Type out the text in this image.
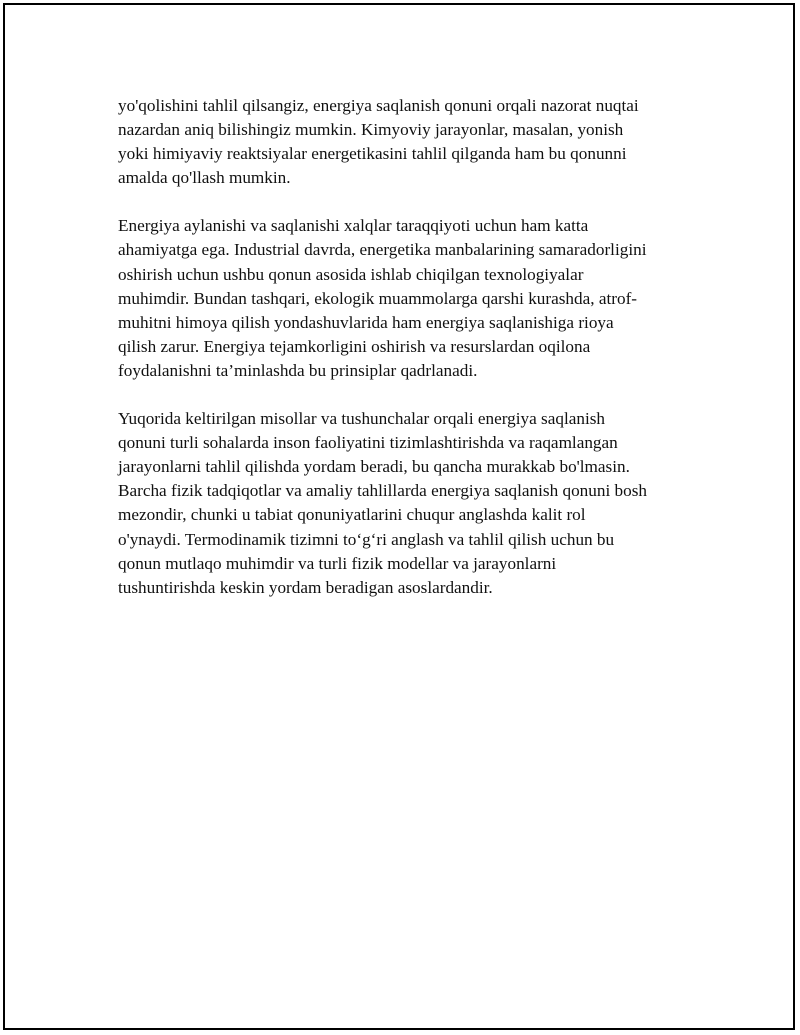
yo'qolishini tahlil qilsangiz, energiya saqlanish qonuni orqali nazorat nuqtai
nazardan aniq bilishingiz mumkin. Kimyoviy jarayonlar, masalan, yonish
yoki himiyaviy reaktsiyalar energetikasini tahlil qilganda ham bu qonunni
amalda qo'llash mumkin.

Energiya aylanishi va saqlanishi xalqlar taraqqiyoti uchun ham katta
ahamiyatga ega. Industrial davrda, energetika manbalarining samaradorligini
oshirish uchun ushbu qonun asosida ishlab chiqilgan texnologiyalar
muhimdir. Bundan tashqari, ekologik muammolarga qarshi kurashda, atrof-
muhitni himoya qilish yondashuvlarida ham energiya saqlanishiga rioya
qilish zarur. Energiya tejamkorligini oshirish va resurslardan oqilona
foydalanishni ta’minlashda bu prinsiplar qadrlanadi.

Yuqorida keltirilgan misollar va tushunchalar orqali energiya saqlanish
qonuni turli sohalarda inson faoliyatini tizimlashtirishda va raqamlangan
jarayonlarni tahlil qilishda yordam beradi, bu qancha murakkab bo'lmasin.
Barcha fizik tadqiqotlar va amaliy tahlillarda energiya saqlanish qonuni bosh
mezondir, chunki u tabiat qonuniyatlarini chuqur anglashda kalit rol
o'ynaydi. Termodinamik tizimni to‘g‘ri anglash va tahlil qilish uchun bu
qonun mutlaqo muhimdir va turli fizik modellar va jarayonlarni
tushuntirishda keskin yordam beradigan asoslardandir.
